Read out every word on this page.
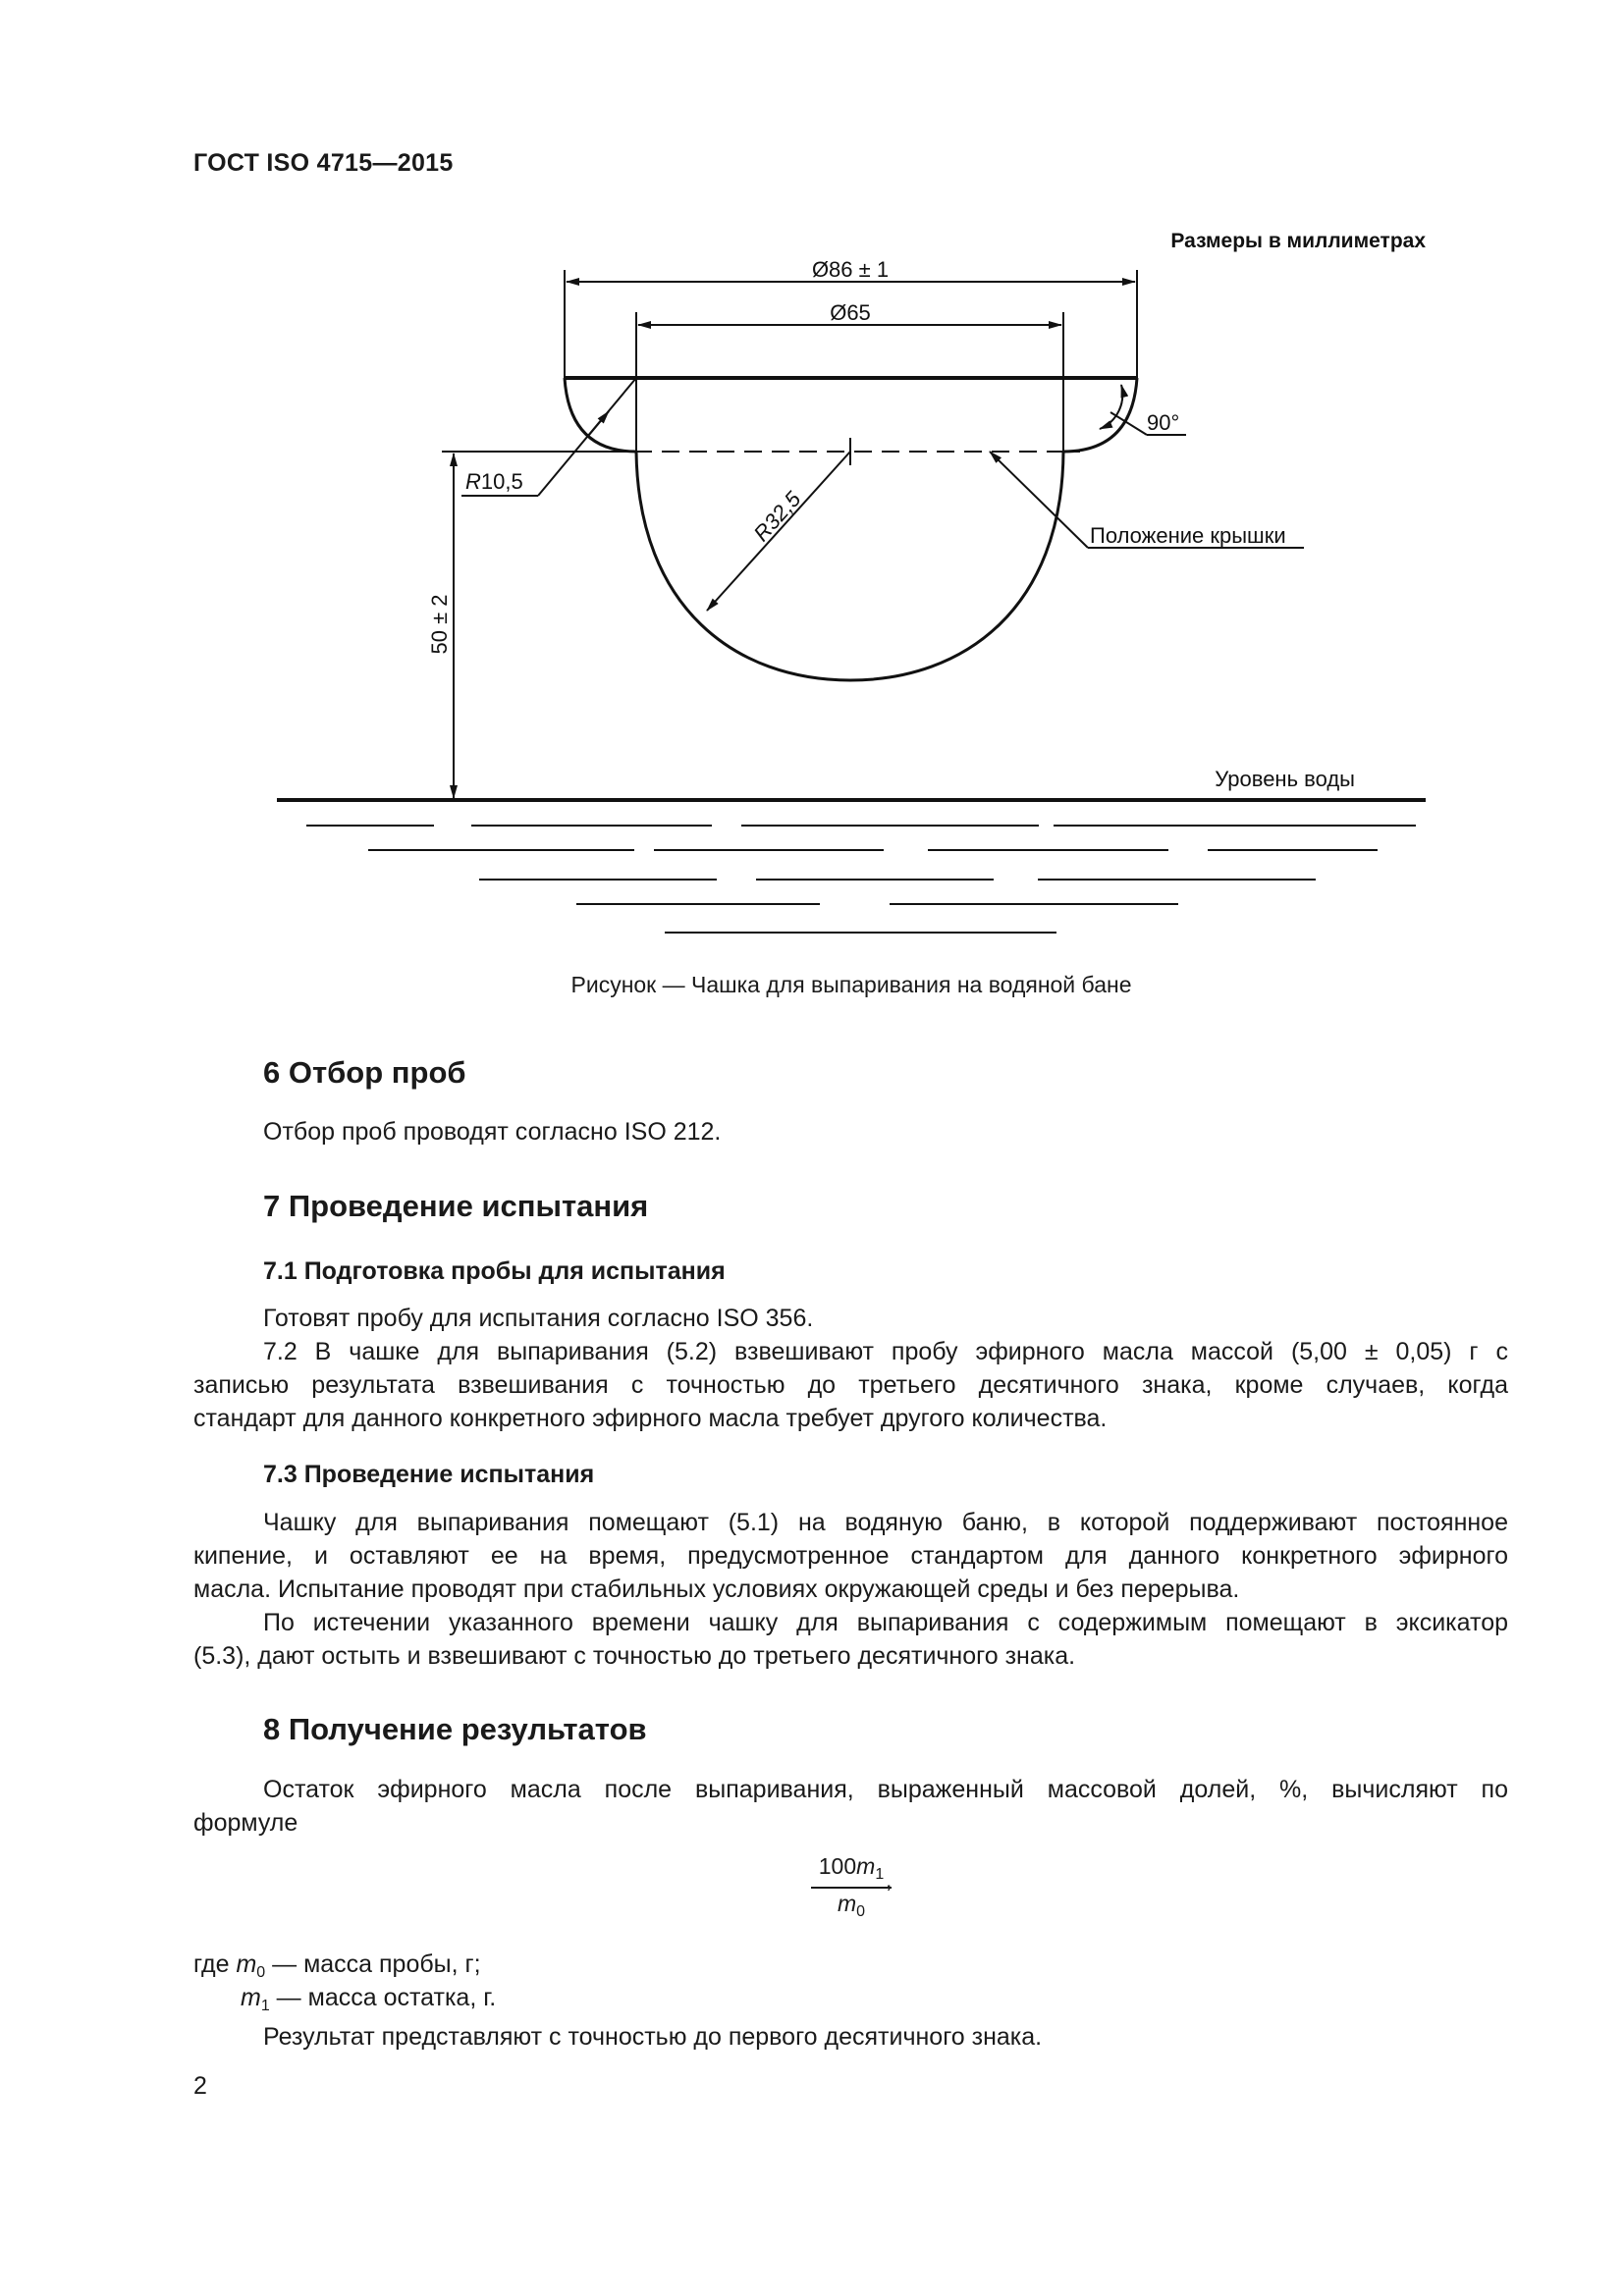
ГОСТ ISO 4715—2015
Размеры в миллиметрах
Ø86 ± 1
Ø65
R32,5
R10,5
90°
Положение крышки
50 ± 2
Уровень воды
Рисунок — Чашка для выпаривания на водяной бане
6 Отбор проб
Отбор проб проводят согласно ISO 212.
7 Проведение испытания
7.1 Подготовка пробы для испытания
Готовят пробу для испытания согласно ISO 356.
7.2 В чашке для выпаривания (5.2) взвешивают пробу эфирного масла массой (5,00 ± 0,05) г с
записью результата взвешивания с точностью до третьего десятичного знака, кроме случаев, когда
стандарт для данного конкретного эфирного масла требует другого количества.
7.3 Проведение испытания
Чашку для выпаривания помещают (5.1) на водяную баню, в которой поддерживают постоянное
кипение, и оставляют ее на время, предусмотренное стандартом для данного конкретного эфирного
масла. Испытание проводят при стабильных условиях окружающей среды и без перерыва.
По истечении указанного времени чашку для выпаривания с содержимым помещают в эксикатор
(5.3), дают остыть и взвешивают с точностью до третьего десятичного знака.
8 Получение результатов
Остаток эфирного масла после выпаривания, выраженный массовой долей, %, вычисляют по
формуле
$100m_1$
$m_0$
,
где $m_0$ — масса пробы, г;
$m_1$ — масса остатка, г.
Результат представляют с точностью до первого десятичного знака.
2
